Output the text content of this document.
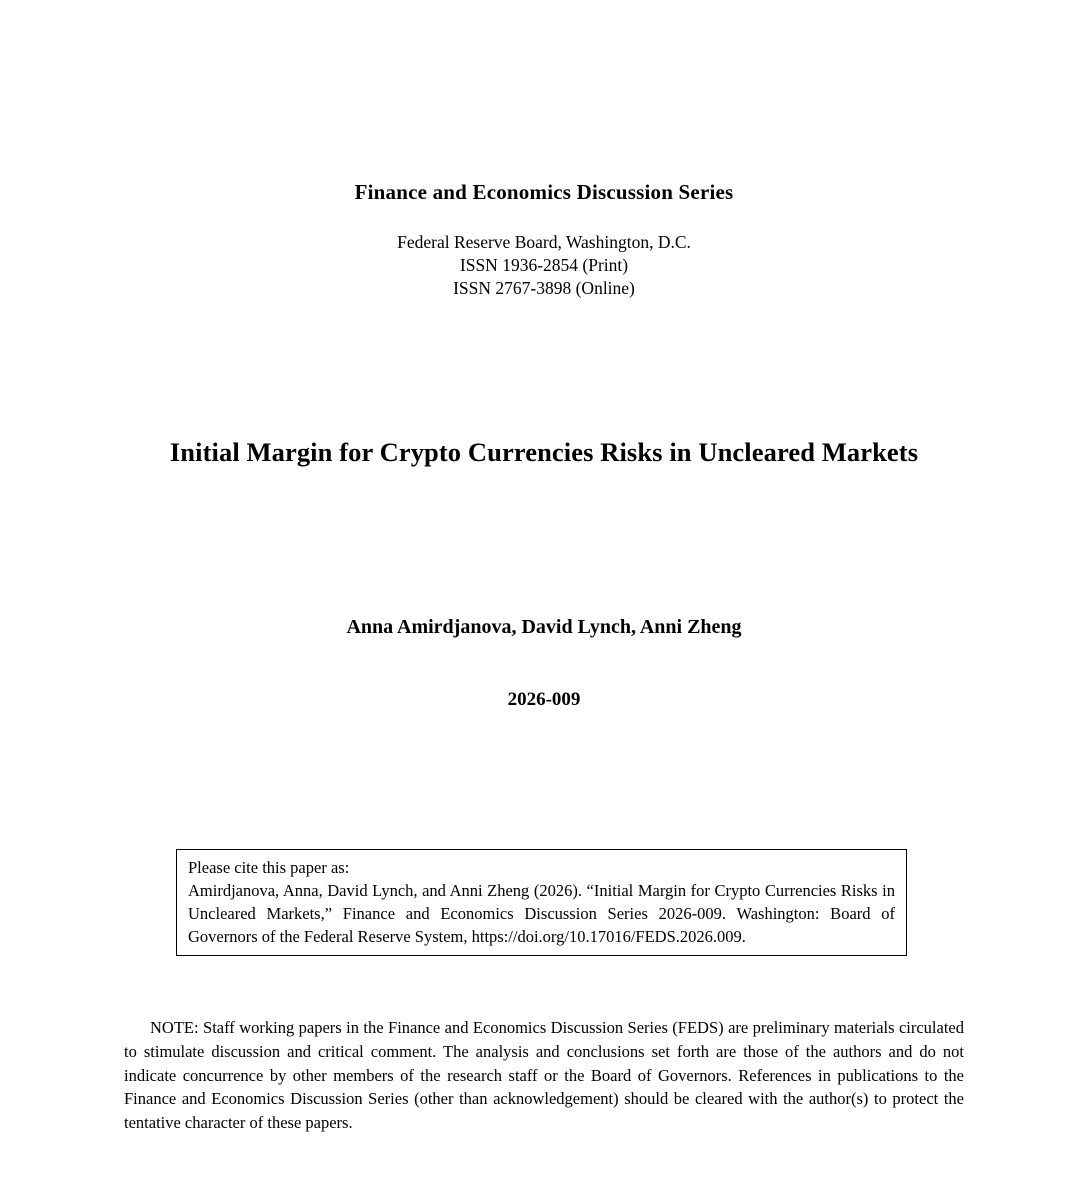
Finance and Economics Discussion Series
Federal Reserve Board, Washington, D.C.
ISSN 1936-2854 (Print)
ISSN 2767-3898 (Online)
Initial Margin for Crypto Currencies Risks in Uncleared Markets
Anna Amirdjanova, David Lynch, Anni Zheng
2026-009
Please cite this paper as:
Amirdjanova, Anna, David Lynch, and Anni Zheng (2026). “Initial Margin for Crypto Currencies Risks in Uncleared Markets,” Finance and Economics Discussion Series 2026-009. Washington: Board of Governors of the Federal Reserve System, https://doi.org/10.17016/FEDS.2026.009.
NOTE: Staff working papers in the Finance and Economics Discussion Series (FEDS) are preliminary materials circulated to stimulate discussion and critical comment. The analysis and conclusions set forth are those of the authors and do not indicate concurrence by other members of the research staff or the Board of Governors. References in publications to the Finance and Economics Discussion Series (other than acknowledgement) should be cleared with the author(s) to protect the tentative character of these papers.
